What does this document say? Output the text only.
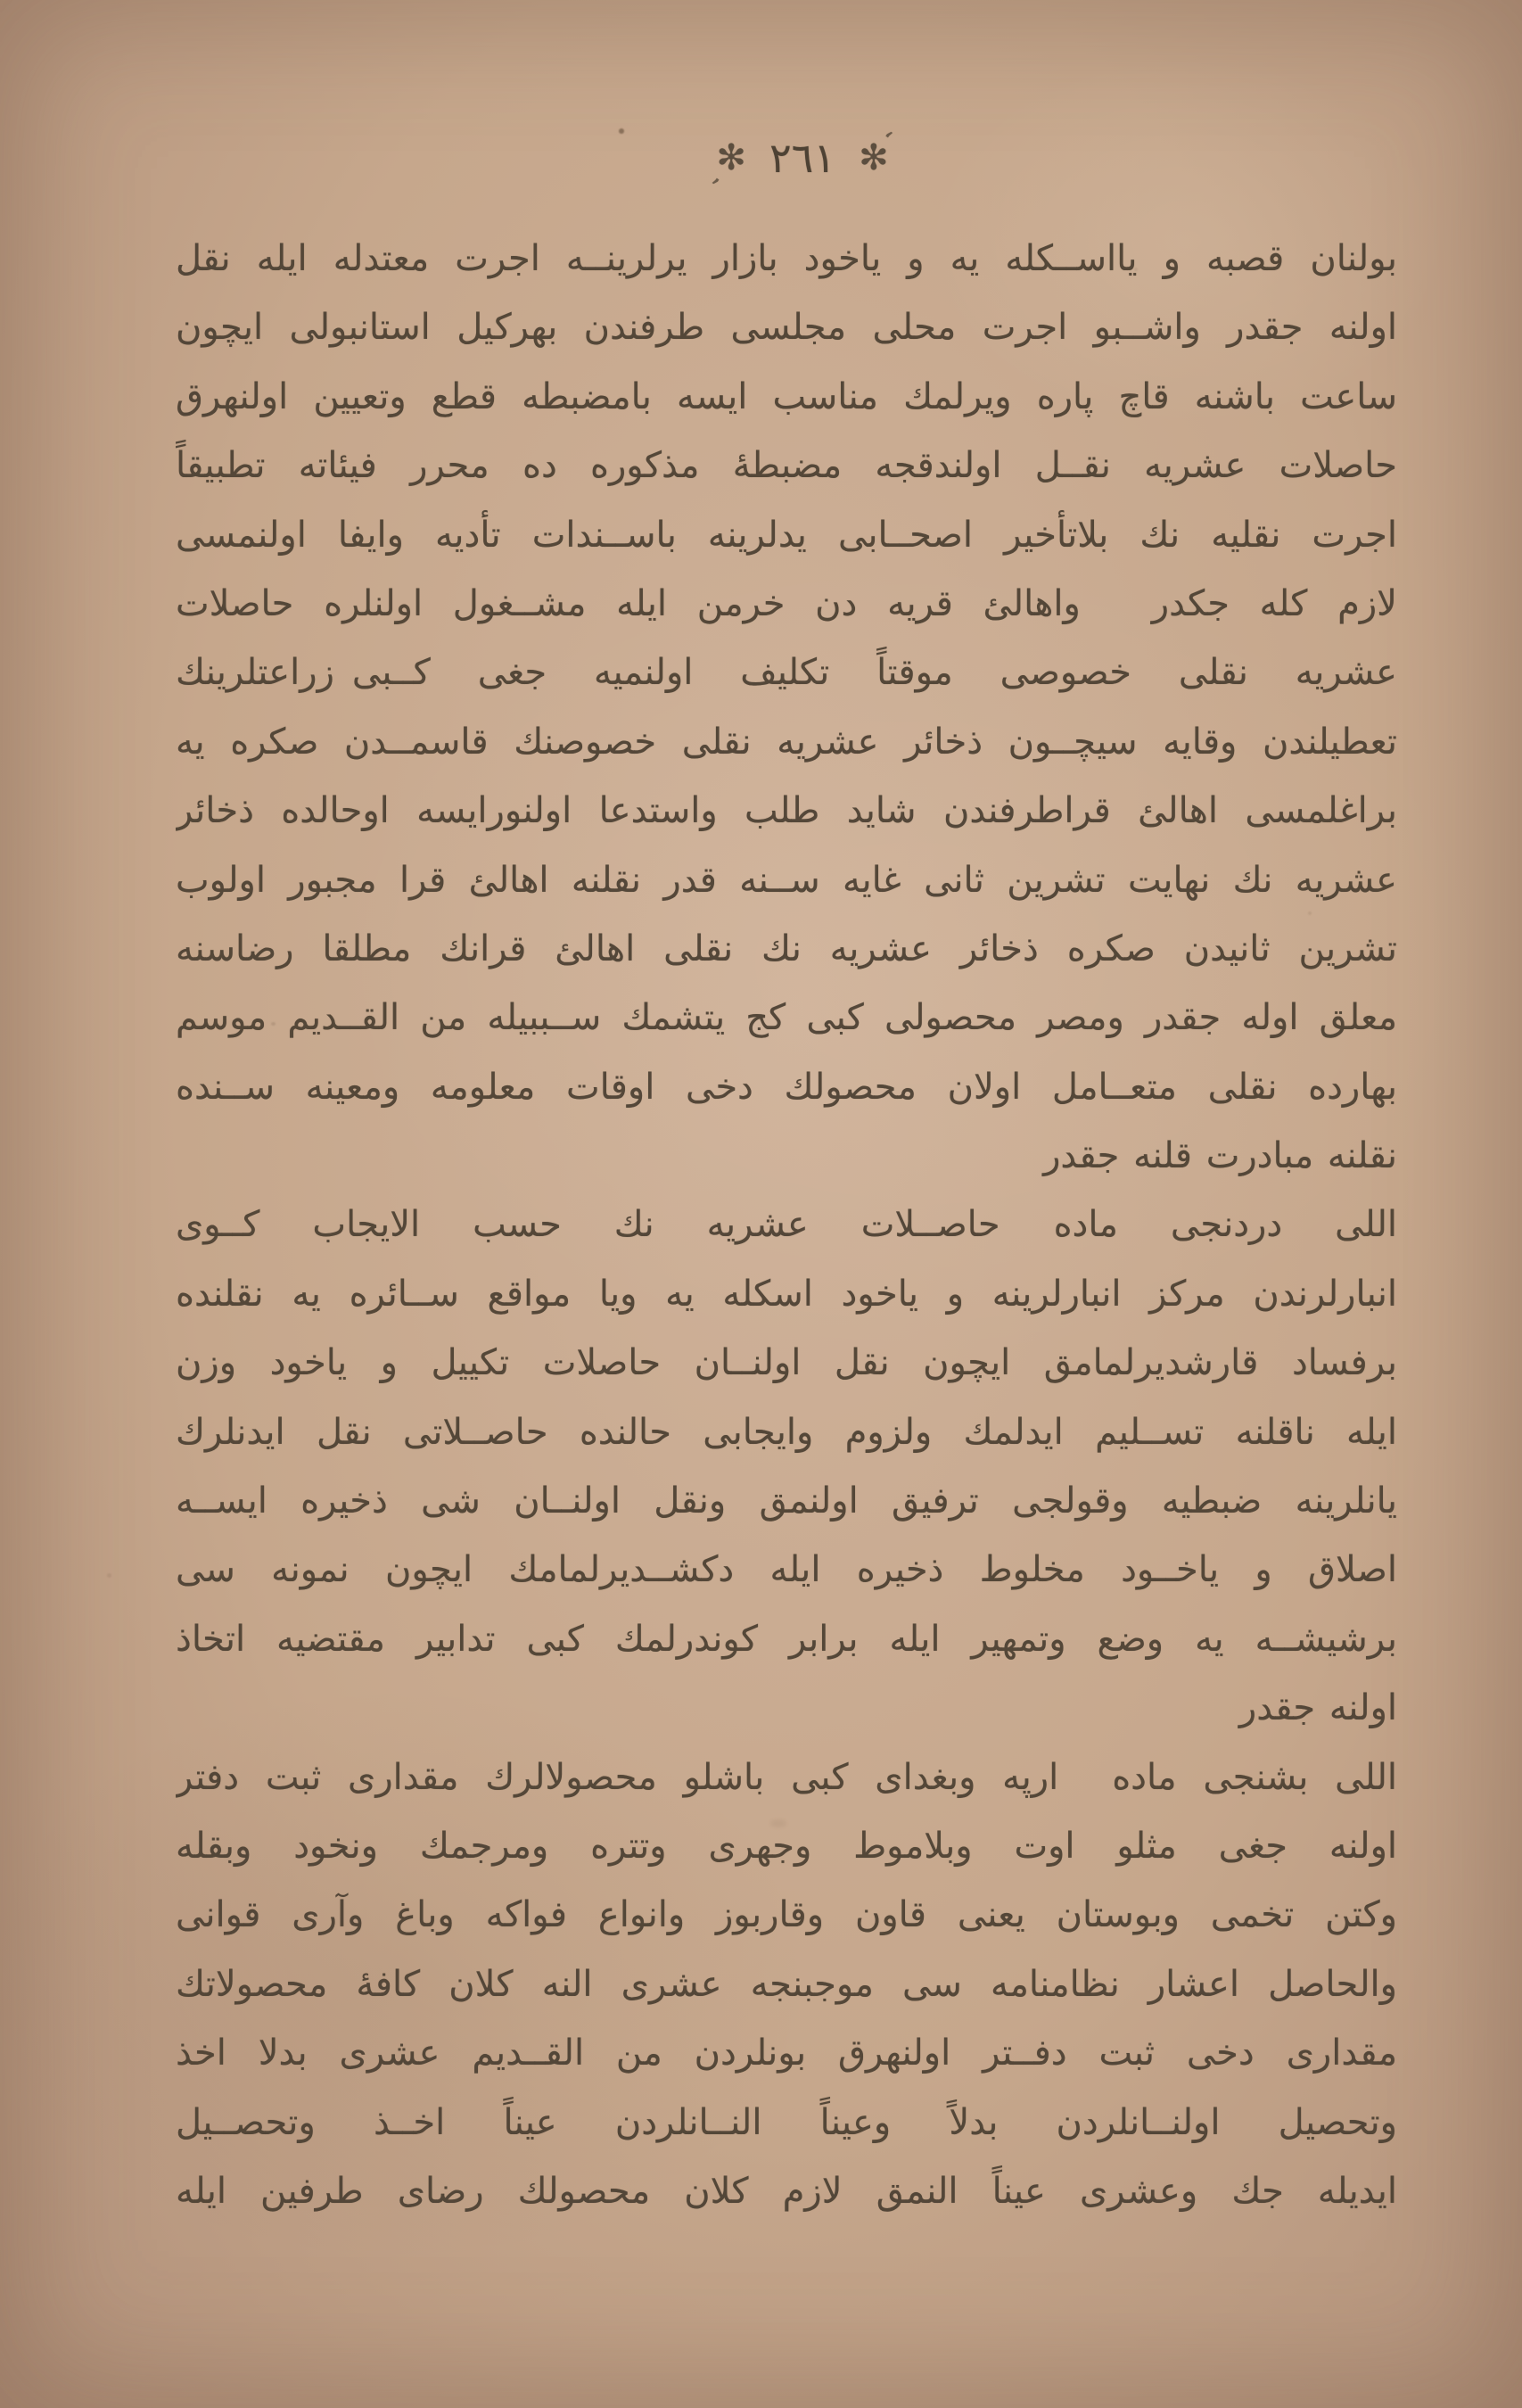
✻
،
٢٦١
✻
،
بولنان قصبه و یااســكله یه و یاخود بازار یرلرینــه اجرت معتدله ایله نقل
اولنه جقدر واشــبو اجرت محلی مجلسی طرفندن بهركیل استانبولی ایچون
ساعت باشنه قاچ پاره ویرلمك مناسب ایسه بامضبطه قطع وتعیین اولنهرق
حاصلات عشریه نقــل اولندقجه مضبطهٔ مذكوره ده محرر فیئاته تطبیقاً
اجرت نقلیه نك بلاتأخیر اصحــابی یدلرینه باســندات تأدیه وایفا اولنمسی
لازم كله جكدر  واهالئ قریه دن خرمن ایله مشــغول اولنلره حاصلات
عشریه نقلی خصوصی موقتاً تكلیف اولنمیه جغی كــبی زراعتلرینك
تعطیلندن وقایه سیچــون ذخائر عشریه نقلی خصوصنك قاسمــدن صكره یه
براغلمسی اهالئ قراطرفندن شاید طلب واستدعا اولنورایسه اوحالده ذخائر
عشریه نك نهایت تشرین ثانی غایه ســنه قدر نقلنه اهالئ قرا مجبور اولوب
تشرین ثانیدن صكره ذخائر عشریه نك نقلی اهالئ قرانك مطلقا رضاسنه
معلق اوله جقدر ومصر محصولی كبی كج یتشمك ســببیله من القــدیم موسم
بهارده نقلی متعــامل اولان محصولك دخی اوقات معلومه ومعینه ســنده
نقلنه مبادرت قلنه جقدر
اللی دردنجی ماده  حاصــلات عشریه نك حسب الایجاب كــوی
انبارلرندن مركز انبارلرینه و یاخود اسكله یه ویا مواقع ســائره یه نقلنده
برفساد قارشدیرلمامق ایچون نقل اولنــان حاصلات تكییل و یاخود وزن
ایله ناقلنه تســلیم ایدلمك ولزوم وایجابی حالنده حاصــلاتی نقل ایدنلرك
یانلرینه ضبطیه وقولجی ترفیق اولنمق ونقل اولنــان شی ذخیره ایســه
اصلاق و یاخــود مخلوط ذخیره ایله دكشــدیرلمامك ایچون نمونه سی
برشیشــه یه وضع وتمهیر ایله برابر كوندرلمك كبی تدابیر مقتضیه اتخاذ
اولنه جقدر
اللی بشنجی ماده  ارپه وبغدای كبی باشلو محصولالرك مقداری ثبت دفتر
اولنه جغی مثلو اوت وبلاموط وجهری وتتره ومرجمك ونخود وبقله
وكتن تخمی وبوستان یعنی قاون وقاربوز وانواع فواكه وباغ وآری قوانی
والحاصل اعشار نظامنامه سی موجبنجه عشری النه كلان كافهٔ محصولاتك
مقداری دخی ثبت دفــتر اولنهرق بونلردن من القــدیم عشری بدلا اخذ
وتحصیل اولنــانلردن بدلاً وعیناً النــانلردن عیناً اخــذ وتحصــیل
ایدیله جك وعشری عیناً النمق لازم كلان محصولك رضای طرفین ایله
